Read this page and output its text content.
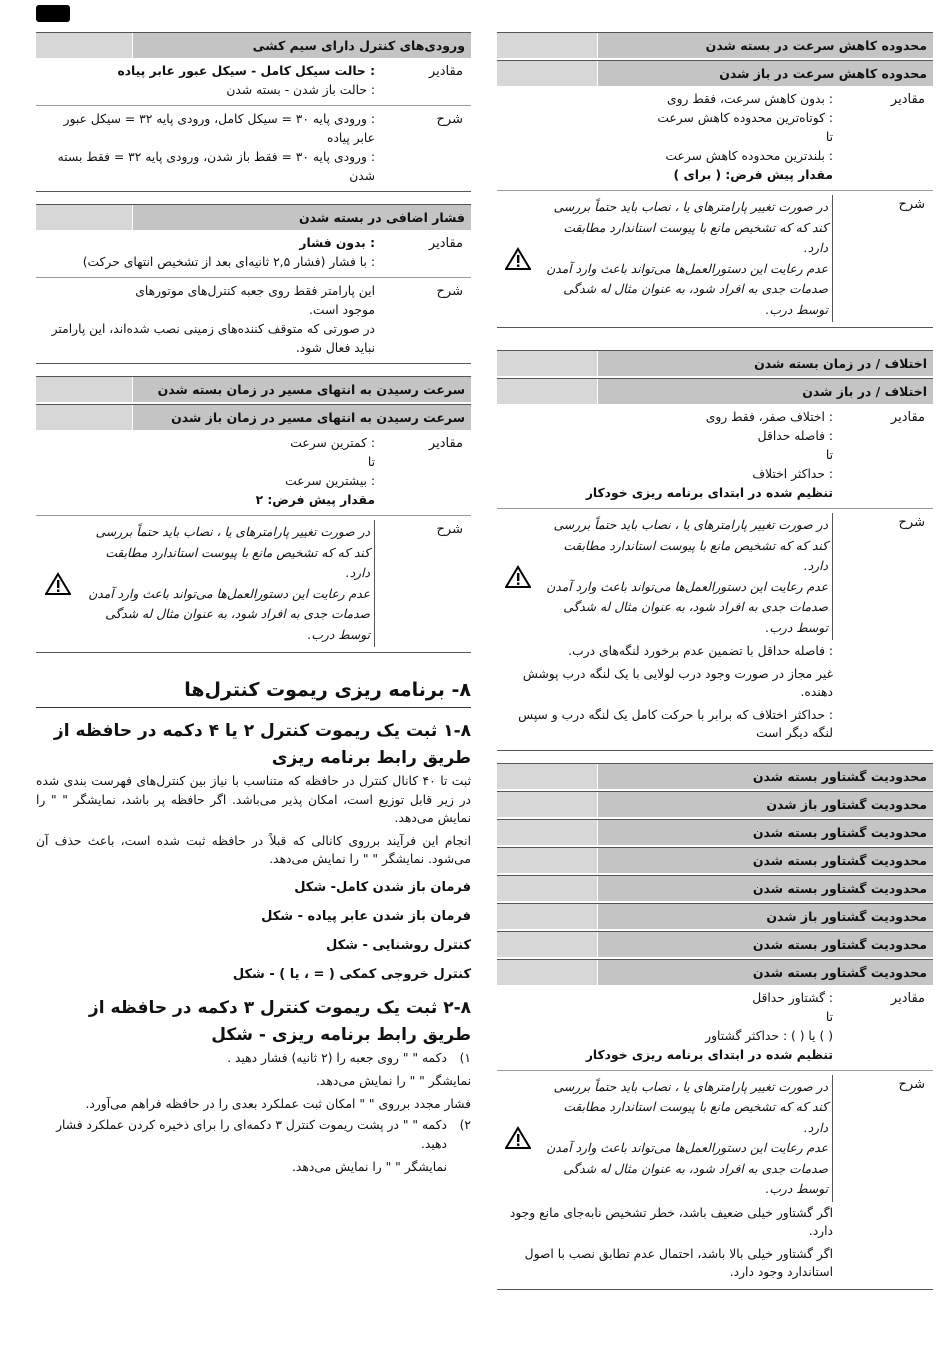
محدوده کاهش سرعت در بسته شدن
محدوده کاهش سرعت در باز شدن
مقادیر
: بدون کاهش سرعت، فقط روی
: کوتاه‌ترین محدوده کاهش سرعت
تا
: بلندترین محدوده کاهش سرعت
مقدار پیش فرض: ( برای )
شرح
در صورت تغییر پارامترهای یا ، نصاب باید حتماً بررسی کند که که تشخیص مانع با پیوست استاندارد مطابقت دارد.
عدم رعایت این دستورالعمل‌ها می‌تواند باعث وارد آمدن صدمات جدی به افراد شود، به عنوان مثال له شدگی توسط درب.
اختلاف / در زمان بسته شدن
اختلاف / در باز شدن
مقادیر
: اختلاف صفر، فقط روی
: فاصله حداقل
تا
: حداکثر اختلاف
تنظیم شده در ابتدای برنامه ریزی خودکار
شرح
در صورت تغییر پارامترهای یا ، نصاب باید حتماً بررسی کند که که تشخیص مانع با پیوست استاندارد مطابقت دارد.
عدم رعایت این دستورالعمل‌ها می‌تواند باعث وارد آمدن صدمات جدی به افراد شود، به عنوان مثال له شدگی توسط درب.
: فاصله حداقل با تضمین عدم برخورد لنگه‌های درب.
غیر مجاز در صورت وجود درب لولایی با یک لنگه درب پوشش دهنده.
: حداکثر اختلاف که برابر با حرکت کامل یک لنگه درب و سپس لنگه دیگر است
محدودیت گشتاور بسته شدن
محدودیت گشتاور باز شدن
محدودیت گشتاور بسته شدن
محدودیت گشتاور بسته شدن
محدودیت گشتاور بسته شدن
محدودیت گشتاور باز شدن
محدودیت گشتاور بسته شدن
محدودیت گشتاور بسته شدن
مقادیر
: گشتاور حداقل
تا
( ) یا ( ) : حداکثر گشتاور
تنظیم شده در ابتدای برنامه ریزی خودکار
شرح
در صورت تغییر پارامترهای یا ، نصاب باید حتماً بررسی کند که که تشخیص مانع با پیوست استاندارد مطابقت دارد.
عدم رعایت این دستورالعمل‌ها می‌تواند باعث وارد آمدن صدمات جدی به افراد شود، به عنوان مثال له شدگی توسط درب.
اگر گشتاور خیلی ضعیف باشد، خطر تشخیص نابه‌جای مانع وجود دارد.
اگر گشتاور خیلی بالا باشد، احتمال عدم تطابق نصب با اصول استاندارد وجود دارد.
ورودی‌های کنترل دارای سیم کشی
مقادیر
: حالت سیکل کامل - سیکل عبور عابر پیاده
: حالت باز شدن - بسته شدن
شرح
: ورودی پایه ۳۰ = سیکل کامل، ورودی پایه ۳۲ = سیکل عبور عابر پیاده
: ورودی پایه ۳۰ = فقط باز شدن، ورودی پایه ۳۲ = فقط بسته شدن
فشار اضافی در بسته شدن
مقادیر
: بدون فشار
: با فشار (فشار ۲,۵ ثانیه‌ای بعد از تشخیص انتهای حرکت)
شرح
این پارامتر فقط روی جعبه کنترل‌های موتورهای
موجود است.
در صورتی که متوقف کننده‌های زمینی نصب شده‌اند، این پارامتر نباید فعال شود.
سرعت رسیدن به انتهای مسیر در زمان بسته شدن
سرعت رسیدن به انتهای مسیر در زمان باز شدن
مقادیر
: کمترین سرعت
تا
: بیشترین سرعت
مقدار پیش فرض: ۲
شرح
در صورت تغییر پارامترهای یا ، نصاب باید حتماً بررسی کند که که تشخیص مانع با پیوست استاندارد مطابقت دارد.
عدم رعایت این دستورالعمل‌ها می‌تواند باعث وارد آمدن صدمات جدی به افراد شود، به عنوان مثال له شدگی توسط درب.
۸- برنامه ریزی ریموت کنترل‌ها
۱-۸ ثبت یک ریموت کنترل ۲ یا ۴ دکمه در حافظه از طریق رابط برنامه ریزی

ثبت تا ۴۰ کانال کنترل در حافظه که متناسب با نیاز بین کنترل‌های فهرست بندی شده در زیر قابل توزیع است، امکان پذیر می‌باشد. اگر حافظه پر باشد، نمایشگر " " را نمایش می‌دهد.

انجام این فرآیند برروی کانالی که قبلاً در حافظه ثبت شده است، باعث حذف آن می‌شود. نمایشگر " " را نمایش می‌دهد.

فرمان باز شدن کامل- شکل

فرمان باز شدن عابر پیاده - شکل

کنترل روشنایی - شکل

کنترل خروجی کمکی ( = ، یا ) - شکل

۲-۸ ثبت یک ریموت کنترل ۳ دکمه در حافظه از طریق رابط برنامه ریزی - شکل
۱)
دکمه " " روی جعبه را (۲ ثانیه) فشار دهید .
نمایشگر " " را نمایش می‌دهد.
فشار مجدد برروی " " امکان ثبت عملکرد بعدی را در حافظه فراهم می‌آورد.
۲)
دکمه " " در پشت ریموت کنترل ۳ دکمه‌ای را برای ذخیره کردن عملکرد فشار دهید.
نمایشگر " " را نمایش می‌دهد.
